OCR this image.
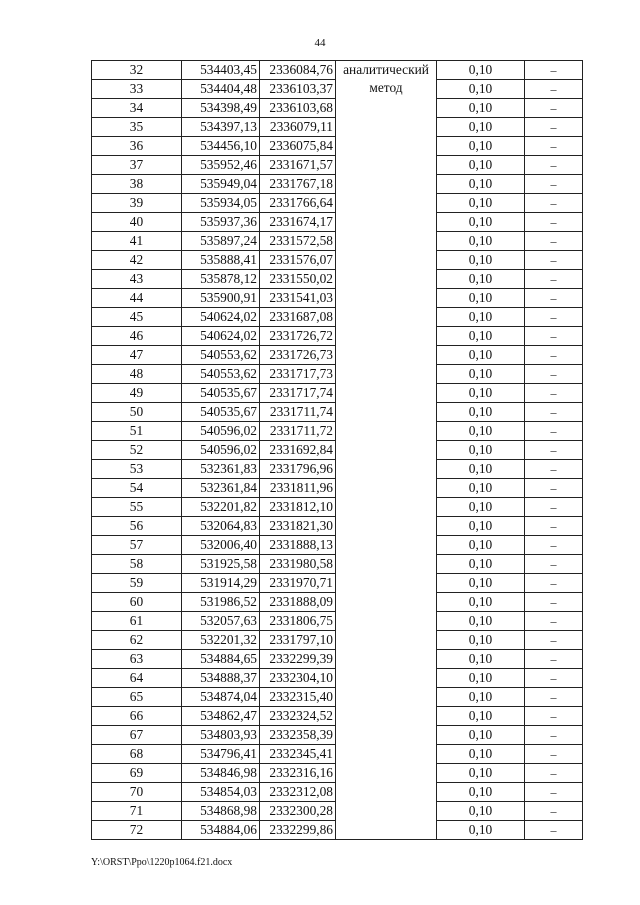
44
32	534403,45	2336084,76	аналитический метод	0,10	–
33	534404,48	2336103,37		0,10	–
34	534398,49	2336103,68		0,10	–
35	534397,13	2336079,11		0,10	–
36	534456,10	2336075,84		0,10	–
37	535952,46	2331671,57		0,10	–
38	535949,04	2331767,18		0,10	–
39	535934,05	2331766,64		0,10	–
40	535937,36	2331674,17		0,10	–
41	535897,24	2331572,58		0,10	–
42	535888,41	2331576,07		0,10	–
43	535878,12	2331550,02		0,10	–
44	535900,91	2331541,03		0,10	–
45	540624,02	2331687,08		0,10	–
46	540624,02	2331726,72		0,10	–
47	540553,62	2331726,73		0,10	–
48	540553,62	2331717,73		0,10	–
49	540535,67	2331717,74		0,10	–
50	540535,67	2331711,74		0,10	–
51	540596,02	2331711,72		0,10	–
52	540596,02	2331692,84		0,10	–
53	532361,83	2331796,96		0,10	–
54	532361,84	2331811,96		0,10	–
55	532201,82	2331812,10		0,10	–
56	532064,83	2331821,30		0,10	–
57	532006,40	2331888,13		0,10	–
58	531925,58	2331980,58		0,10	–
59	531914,29	2331970,71		0,10	–
60	531986,52	2331888,09		0,10	–
61	532057,63	2331806,75		0,10	–
62	532201,32	2331797,10		0,10	–
63	534884,65	2332299,39		0,10	–
64	534888,37	2332304,10		0,10	–
65	534874,04	2332315,40		0,10	–
66	534862,47	2332324,52		0,10	–
67	534803,93	2332358,39		0,10	–
68	534796,41	2332345,41		0,10	–
69	534846,98	2332316,16		0,10	–
70	534854,03	2332312,08		0,10	–
71	534868,98	2332300,28		0,10	–
72	534884,06	2332299,86		0,10	–
Y:\ORST\Ppo\1220p1064.f21.docx
